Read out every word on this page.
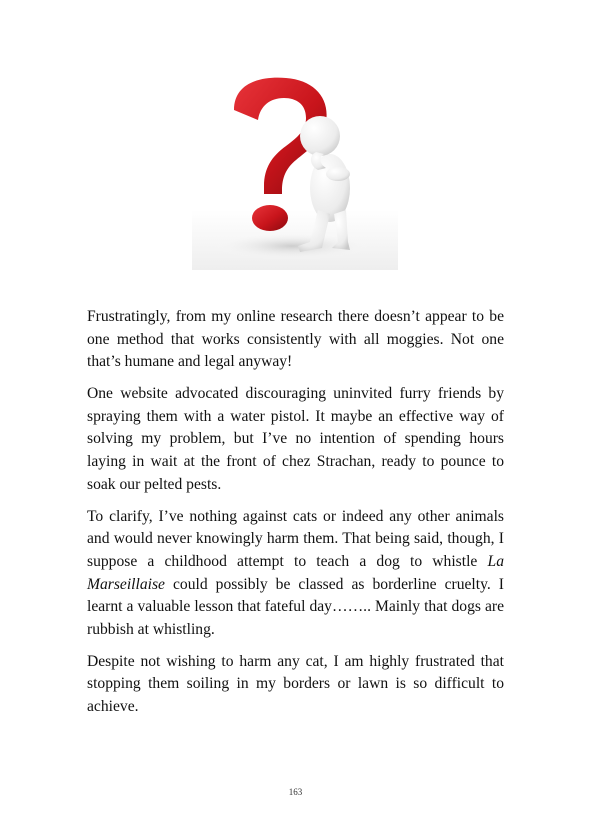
Frustratingly, from my online research there doesn’t appear to be one method that works consistently with all moggies. Not one that’s humane and legal anyway!

One website advocated discouraging uninvited furry friends by spraying them with a water pistol. It maybe an effective way of solving my problem, but I’ve no intention of spending hours laying in wait at the front of chez Strachan, ready to pounce to soak our pelted pests.

To clarify, I’ve nothing against cats or indeed any other animals and would never knowingly harm them. That being said, though, I suppose a childhood attempt to teach a dog to whistle La Marseillaise could possibly be classed as borderline cruelty. I learnt a valuable lesson that fateful day…….. Mainly that dogs are rubbish at whistling.

Despite not wishing to harm any cat, I am highly frustrated that stopping them soiling in my borders or lawn is so difficult to achieve.

163
